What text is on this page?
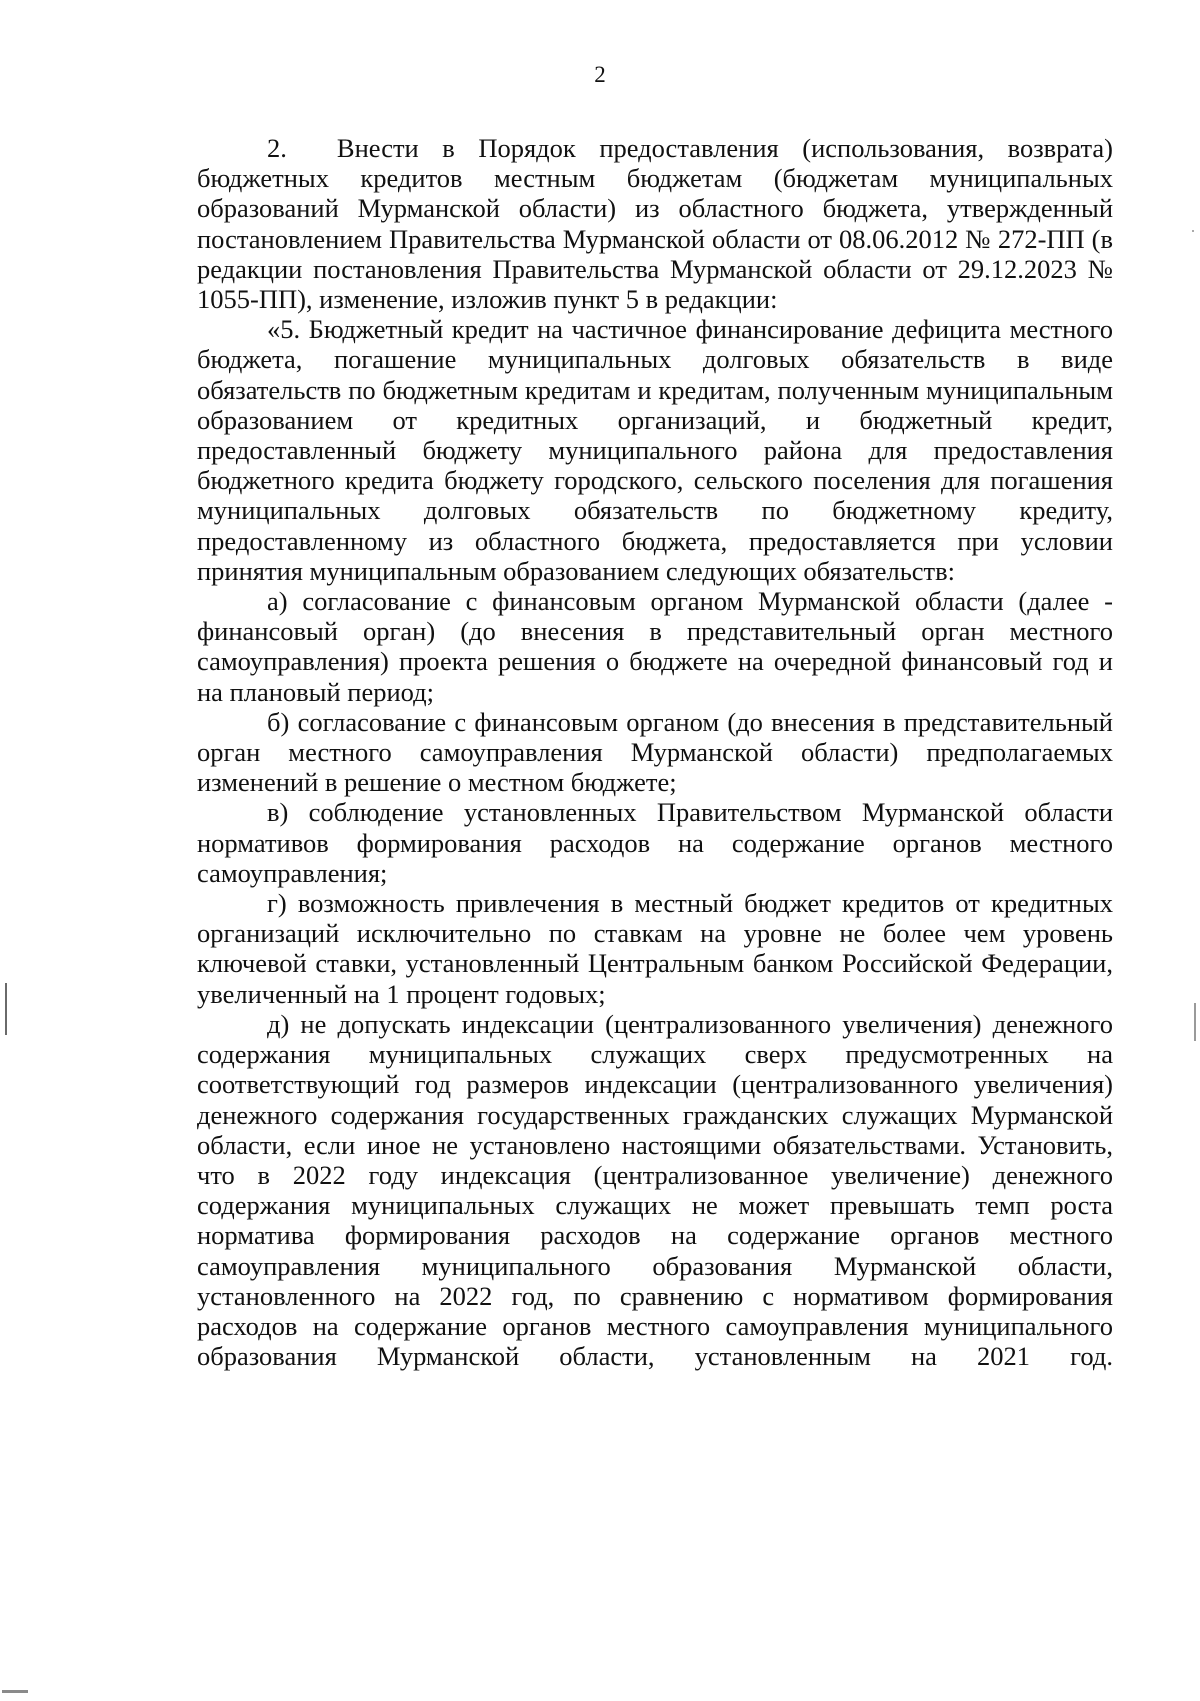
2

2.  Внести в Порядок предоставления (использования, возврата) бюджетных кредитов местным бюджетам (бюджетам муниципальных образований Мурманской области) из областного бюджета, утвержденный постановлением Правительства Мурманской области от 08.06.2012 № 272-ПП (в редакции постановления Правительства Мурманской области от 29.12.2023 № 1055-ПП), изменение, изложив пункт 5 в редакции:

«5. Бюджетный кредит на частичное финансирование дефицита местного бюджета, погашение муниципальных долговых обязательств в виде обязательств по бюджетным кредитам и кредитам, полученным муниципальным образованием от кредитных организаций, и бюджетный кредит, предоставленный бюджету муниципального района для предоставления бюджетного кредита бюджету городского, сельского поселения для погашения муниципальных долговых обязательств по бюджетному кредиту, предоставленному из областного бюджета, предоставляется при условии принятия муниципальным образованием следующих обязательств:

а) согласование с финансовым органом Мурманской области (далее - финансовый орган) (до внесения в представительный орган местного самоуправления) проекта решения о бюджете на очередной финансовый год и на плановый период;

б) согласование с финансовым органом (до внесения в представительный орган местного самоуправления Мурманской области) предполагаемых изменений в решение о местном бюджете;

в) соблюдение установленных Правительством Мурманской области нормативов формирования расходов на содержание органов местного самоуправления;

г) возможность привлечения в местный бюджет кредитов от кредитных организаций исключительно по ставкам на уровне не более чем уровень ключевой ставки, установленный Центральным банком Российской Федерации, увеличенный на 1 процент годовых;

д) не допускать индексации (централизованного увеличения) денежного содержания муниципальных служащих сверх предусмотренных на соответствующий год размеров индексации (централизованного увеличения) денежного содержания государственных гражданских служащих Мурманской области, если иное не установлено настоящими обязательствами. Установить, что в 2022 году индексация (централизованное увеличение) денежного содержания муниципальных служащих не может превышать темп роста норматива формирования расходов на содержание органов местного самоуправления муниципального образования Мурманской области, установленного на 2022 год, по сравнению с нормативом формирования расходов на содержание органов местного самоуправления муниципального образования Мурманской области, установленным на 2021 год.
